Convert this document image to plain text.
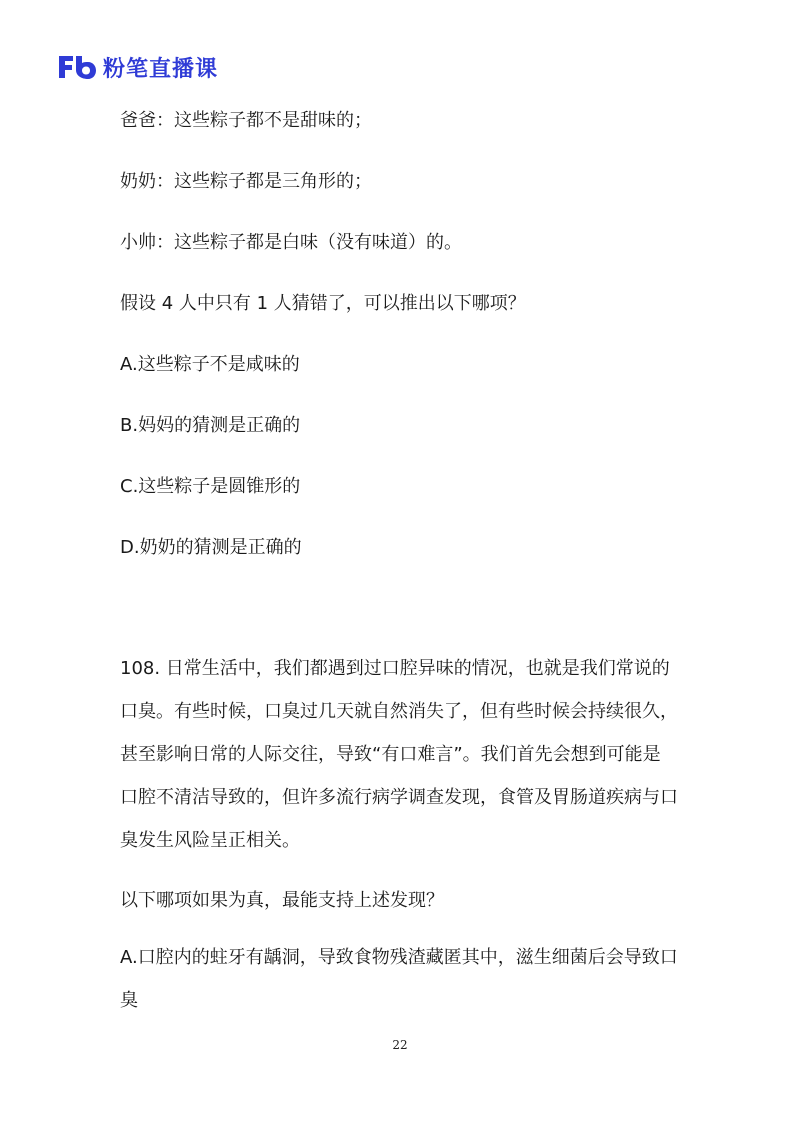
粉笔直播课
爸爸：这些粽子都不是甜味的；
奶奶：这些粽子都是三角形的；
小帅：这些粽子都是白味（没有味道）的。
假设 4 人中只有 1 人猜错了，可以推出以下哪项？
A.这些粽子不是咸味的
B.妈妈的猜测是正确的
C.这些粽子是圆锥形的
D.奶奶的猜测是正确的
108. 日常生活中，我们都遇到过口腔异味的情况，也就是我们常说的
口臭。有些时候，口臭过几天就自然消失了，但有些时候会持续很久，
甚至影响日常的人际交往，导致“有口难言”。我们首先会想到可能是
口腔不清洁导致的，但许多流行病学调查发现，食管及胃肠道疾病与口
臭发生风险呈正相关。
以下哪项如果为真，最能支持上述发现？
A.口腔内的蛀牙有龋洞，导致食物残渣藏匿其中，滋生细菌后会导致口
臭
22
